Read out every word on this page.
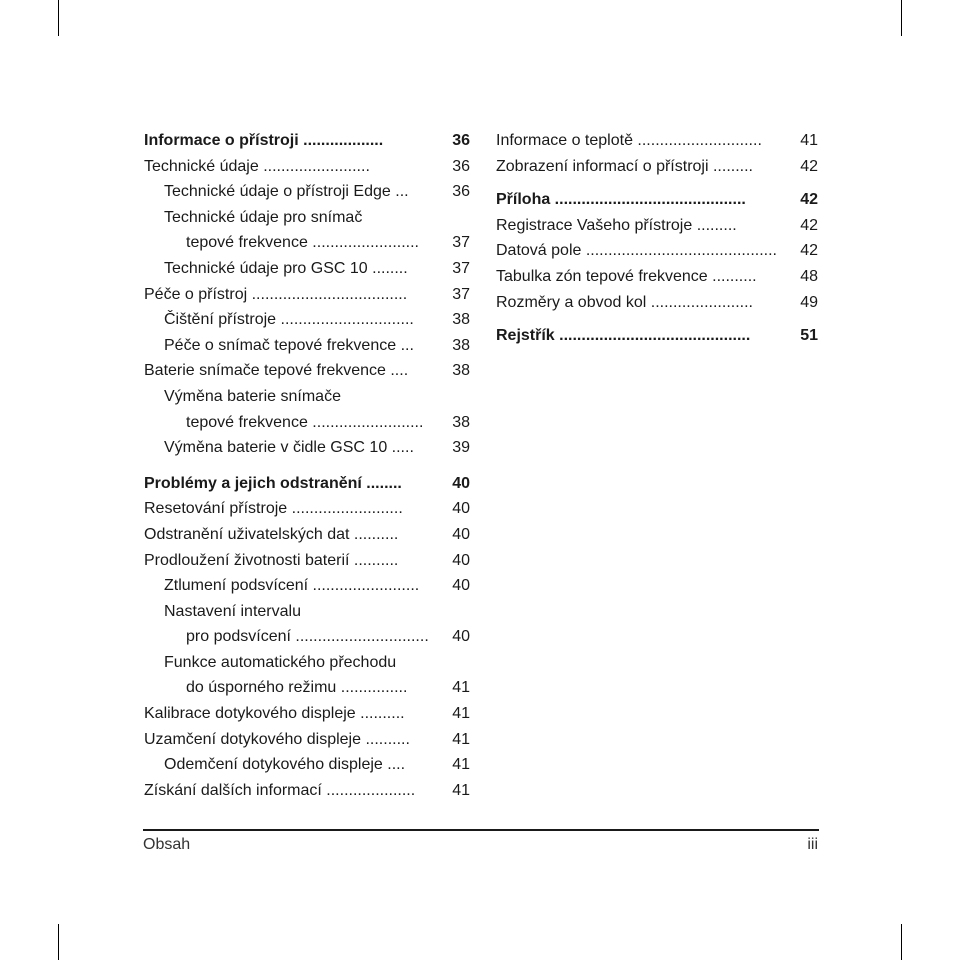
Informace o přístroji ..................	36
Technické údaje ........................	36
Technické údaje o přístroji Edge ...	36
Technické údaje pro snímač
tepové frekvence ........................ 37
Technické údaje pro GSC 10 ........	37
Péče o přístroj ...................................	37
Čištění přístroje .............................. 38
Péče o snímač tepové frekvence ... 38
Baterie snímače tepové frekvence ....	38
Výměna baterie snímače
tepové frekvence ......................... 38
Výměna baterie v čidle GSC 10 ..... 39
Problémy a jejich odstranění ........	40
Resetování přístroje .........................	40
Odstranění uživatelských dat ..........	40
Prodloužení životnosti baterií ..........	40
Ztlumení podsvícení ........................ 40
Nastavení intervalu
pro podsvícení .............................. 40
Funkce automatického přechodu
do úsporného režimu ...............	41
Kalibrace dotykového displeje ..........	41
Uzamčení dotykového displeje ..........	41
Odemčení dotykového displeje ....	41
Získání dalších informací .................... 41
Informace o teplotě ............................ 41
Zobrazení informací o přístroji .........	42
Příloha ...........................................	42
Registrace Vašeho přístroje .........	42
Datová pole ........................................... 42
Tabulka zón tepové frekvence ..........	48
Rozměry a obvod kol .......................	49
Rejstřík ...........................................	51
Obsah	iii
